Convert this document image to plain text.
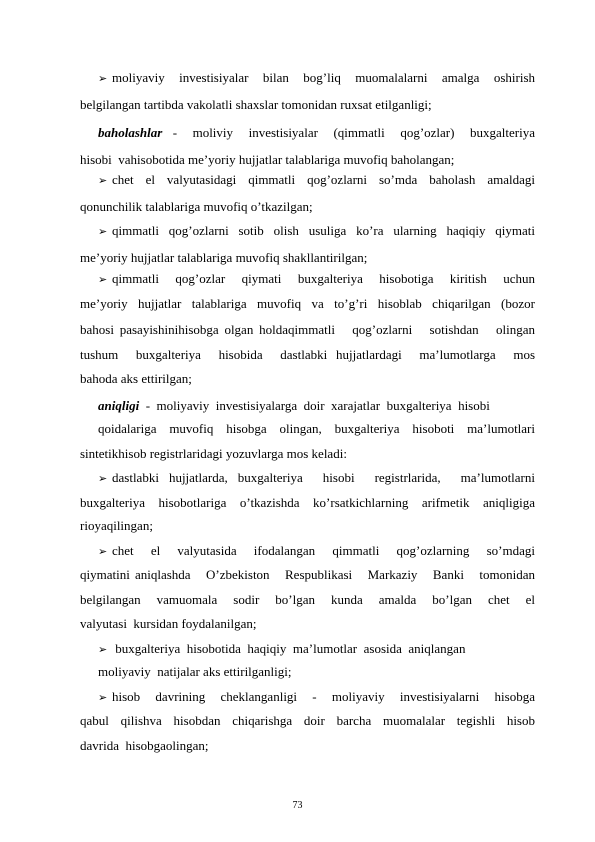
➢ moliyaviy   investisiyalar   bilan   bog’liq   muomalalarni   amalga   oshirish
belgilangan tartibda vakolatli shaxslar tomonidan ruxsat etilganligi;
baholashlar  -   moliviy   investisiyalar   (qimmatli   qog’ozlar)   buxgalteriya
hisobi  vahisobotida me’yoriy hujjatlar talablariga muvofiq baholangan;
➢ chet  el  valyutasidagi  qimmatli  qog’ozlarni  so’mda  baholash  amaldagi
qonunchilik talablariga muvofiq o’tkazilgan;
➢ qimmatli  qog’ozlarni  sotib  olish  usuliga  ko’ra  ularning  haqiqiy  qiymati
me’yoriy hujjatlar talablariga muvofiq shakllantirilgan;
➢ qimmatli    qog’ozlar    qiymati    buxgalteriya    hisobotiga    kiritish    uchun
me’yoriy  hujjatlar  talablariga  muvofiq  va  to’g’ri  hisoblab  chiqarilgan  (bozor
bahosi pasayishinihisobga olgan holdaqimmatli   qog’ozlarni   sotishdan   olingan
tushum    buxgalteriya    hisobida    dastlabki  hujjatlardagi    ma’lumotlarga    mos
bahoda aks ettirilgan;
aniqligi  -  moliyaviy  investisiyalarga  doir  xarajatlar  buxgalteriya  hisobi
qoidalariga   muvofiq   hisobga   olingan,   buxgalteriya   hisoboti   ma’lumotlari
sintetikhisob registrlaridagi yozuvlarga mos keladi:
➢ dastlabki  hujjatlarda,  buxgalteriya    hisobi    registrlarida,    ma’lumotlarni
buxgalteriya   hisobotlariga   o’tkazishda   ko’rsatkichlarning   arifmetik   aniqligiga
rioyaqilingan;
➢ chet    el    valyutasida    ifodalangan    qimmatli    qog’ozlarning    so’mdagi
qiymatini aniqlashda   O’zbekiston   Respublikasi   Markaziy   Banki   tomonidan
belgilangan    vamuomala    sodir    bo’lgan    kunda    amalda    bo’lgan    chet    el
valyutasi  kursidan foydalanilgan;
➢ buxgalteriya  hisobotida  haqiqiy  ma’lumotlar  asosida  aniqlangan
moliyaviy  natijalar aks ettirilganligi;
➢ hisob    davrining    cheklanganligi    -    moliyaviy    investisiyalarni    hisobga
qabul   qilishva   hisobdan   chiqarishga   doir   barcha   muomalalar   tegishli   hisob
davrida  hisobgaolingan;
73
